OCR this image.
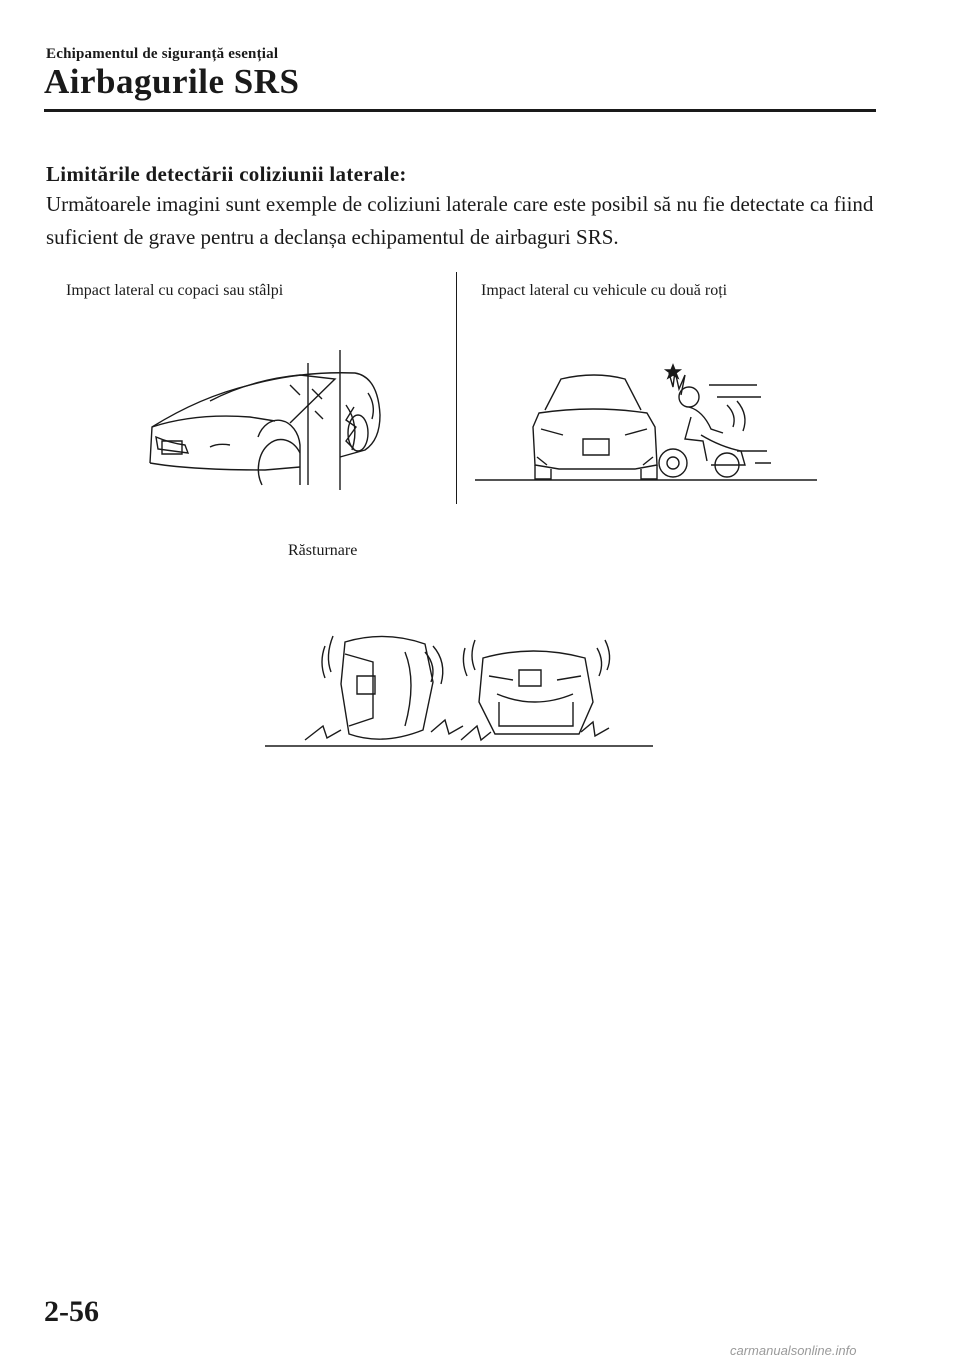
Echipamentul de siguranță esențial
Airbagurile SRS
Limitările detectării coliziunii laterale:
Următoarele imagini sunt exemple de coliziuni laterale care este posibil să nu fie detectate ca fiind suficient de grave pentru a declanșa echipamentul de airbaguri SRS.
Impact lateral cu copaci sau stâlpi	Impact lateral cu vehicule cu două roți
Răsturnare
2-56
carmanualsonline.info
